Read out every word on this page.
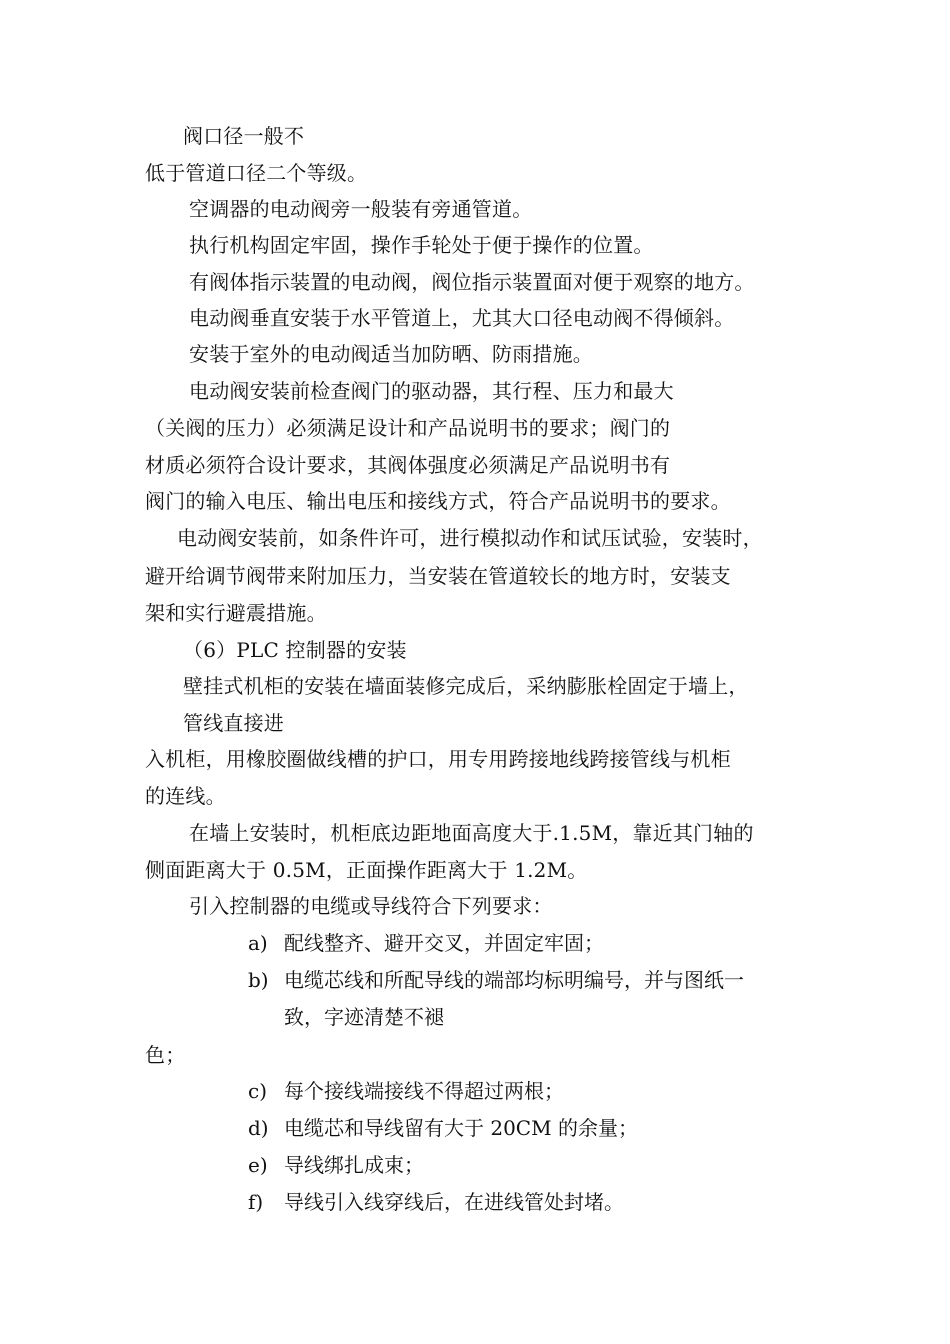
阀口径一般不
低于管道口径二个等级。
空调器的电动阀旁一般装有旁通管道。
执行机构固定牢固，操作手轮处于便于操作的位置。
有阀体指示装置的电动阀，阀位指示装置面对便于观察的地方。
电动阀垂直安装于水平管道上，尤其大口径电动阀不得倾斜。
安装于室外的电动阀适当加防晒、防雨措施。
电动阀安装前检查阀门的驱动器，其行程、压力和最大
（关阀的压力）必须满足设计和产品说明书的要求；阀门的
材质必须符合设计要求，其阀体强度必须满足产品说明书有
阀门的输入电压、输出电压和接线方式，符合产品说明书的要求。
电动阀安装前，如条件许可，进行模拟动作和试压试验，安装时，
避开给调节阀带来附加压力，当安装在管道较长的地方时，安装支
架和实行避震措施。
（6）PLC 控制器的安装
壁挂式机柜的安装在墙面装修完成后，采纳膨胀栓固定于墙上，
管线直接进
入机柜，用橡胶圈做线槽的护口，用专用跨接地线跨接管线与机柜
的连线。
在墙上安装时，机柜底边距地面高度大于.1.5M，靠近其门轴的
侧面距离大于 0.5M，正面操作距离大于 1.2M。
引入控制器的电缆或导线符合下列要求：
a) 配线整齐、避开交叉，并固定牢固；
b) 电缆芯线和所配导线的端部均标明编号，并与图纸一
致，字迹清楚不褪
色；
c) 每个接线端接线不得超过两根；
d) 电缆芯和导线留有大于 20CM 的余量；
e) 导线绑扎成束；
f)	导线引入线穿线后，在进线管处封堵。
